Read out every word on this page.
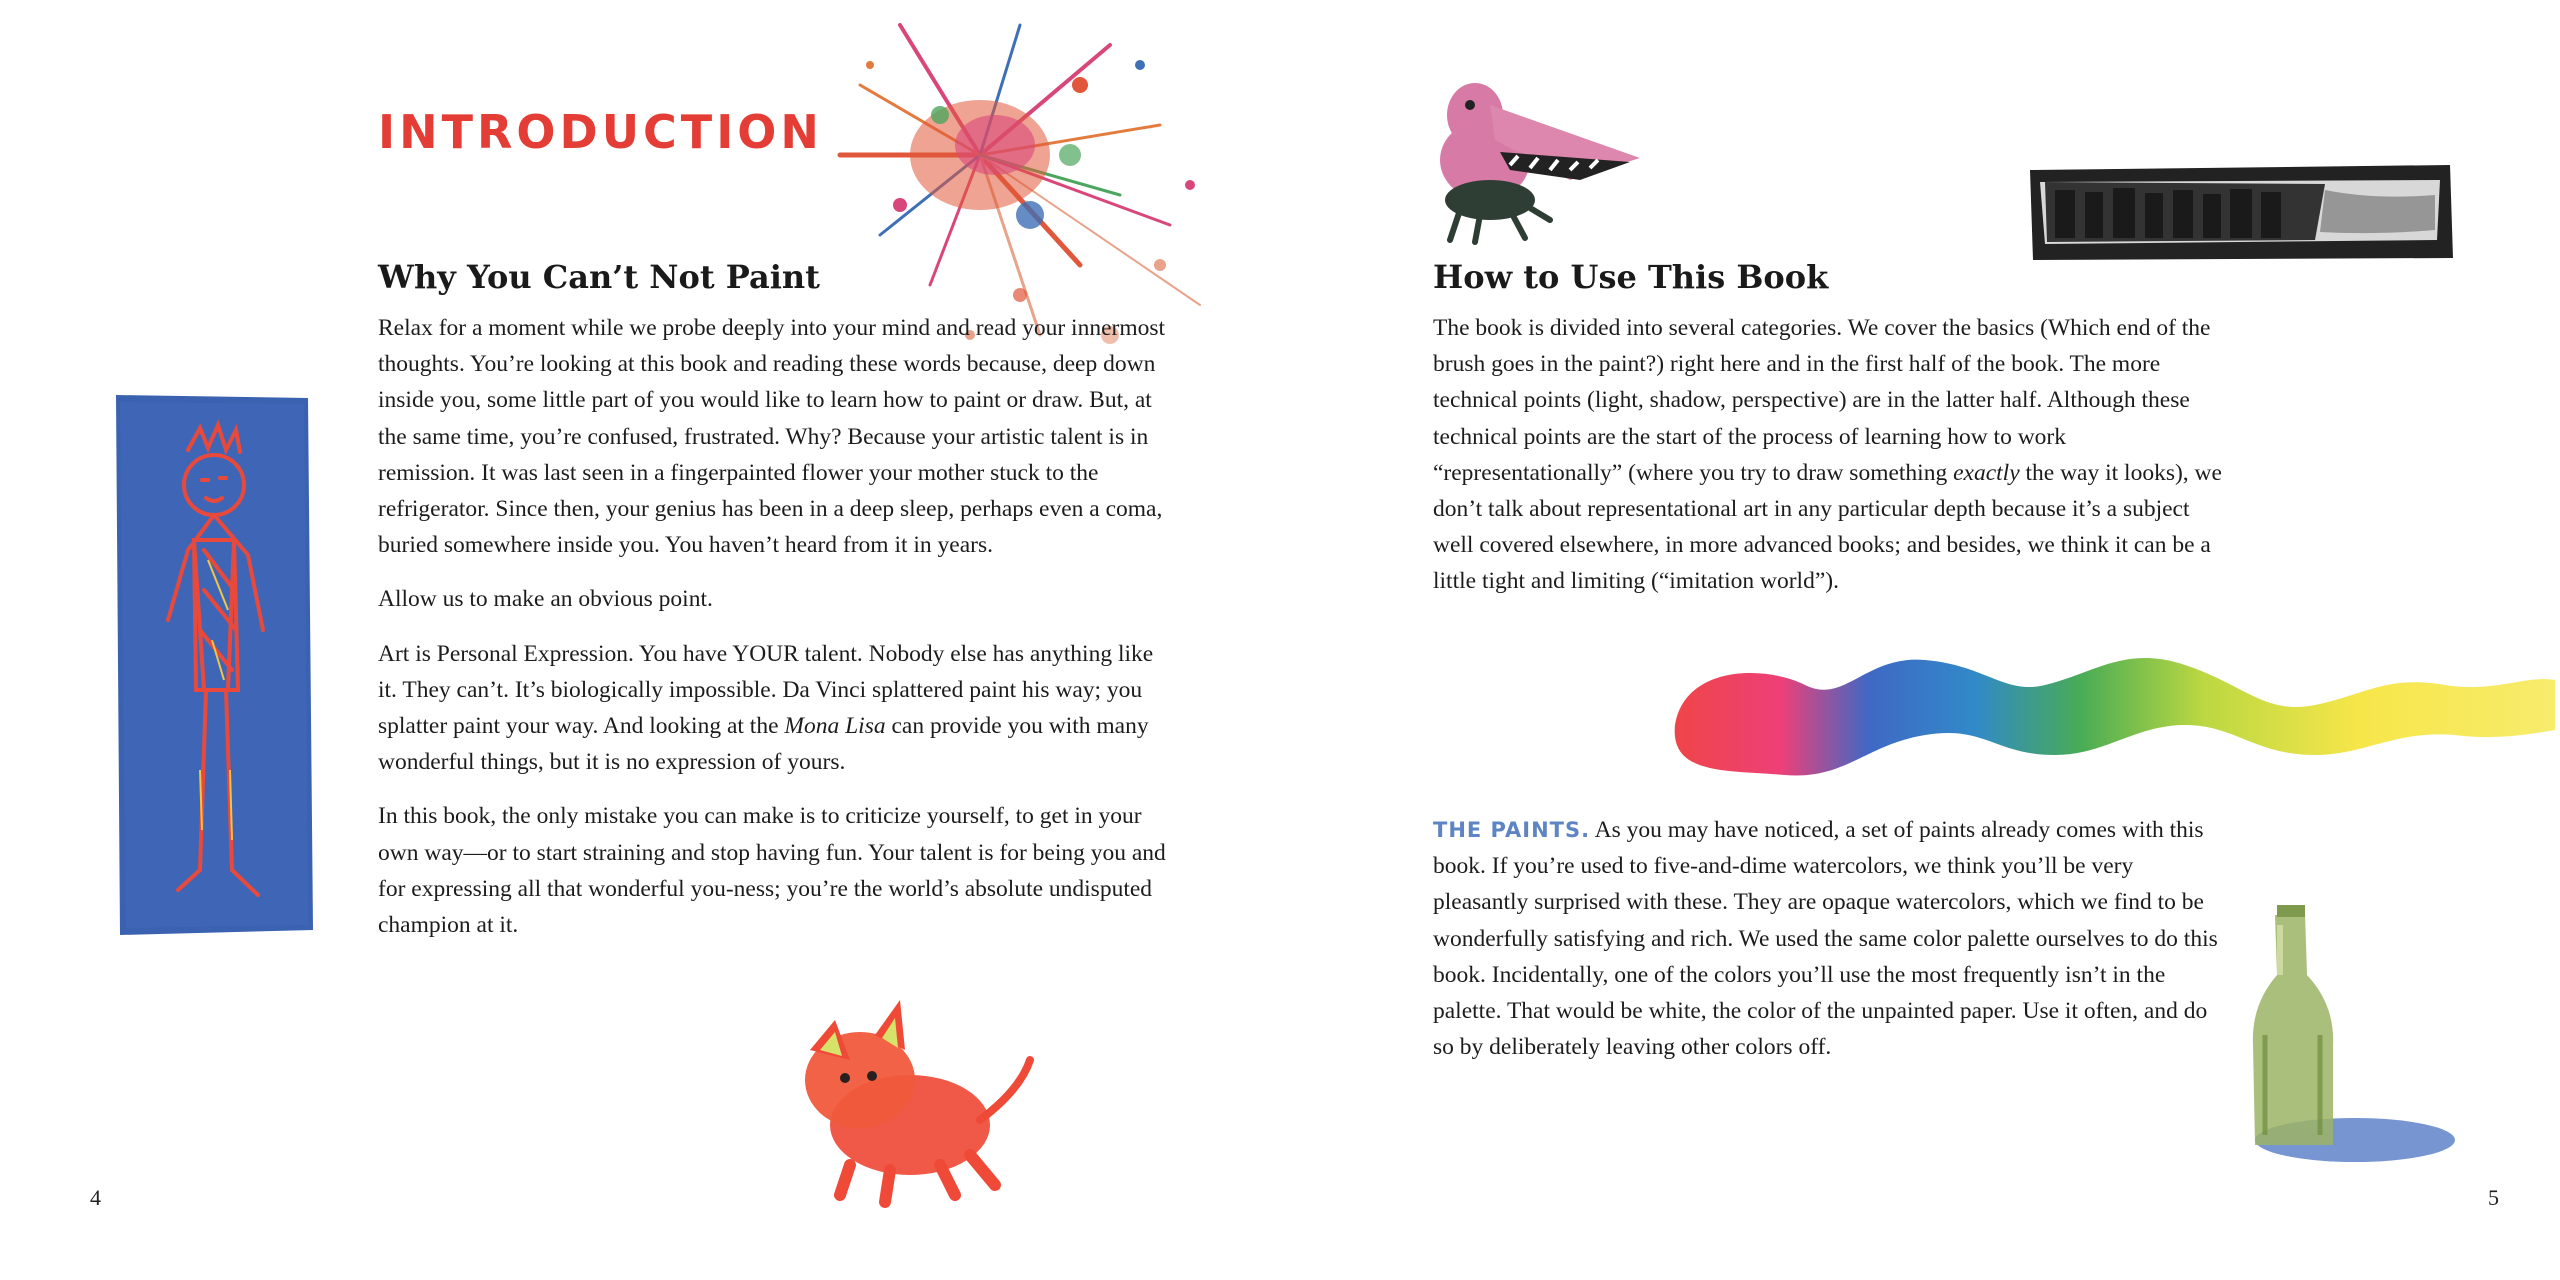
INTRODUCTION
Why You Can’t Not Paint

Relax for a moment while we probe deeply into your mind and read your innermost thoughts. You’re looking at this book and reading these words because, deep down inside you, some little part of you would like to learn how to paint or draw. But, at the same time, you’re confused, frustrated. Why? Because your artistic talent is in remission. It was last seen in a fingerpainted flower your mother stuck to the refrigerator. Since then, your genius has been in a deep sleep, perhaps even a coma, buried somewhere inside you. You haven’t heard from it in years.

Allow us to make an obvious point.

Art is Personal Expression. You have YOUR talent. Nobody else has anything like it. They can’t. It’s biologically impossible. Da Vinci splattered paint his way; you splatter paint your way. And looking at the Mona Lisa can provide you with many wonderful things, but it is no expression of yours.

In this book, the only mistake you can make is to criticize yourself, to get in your own way—or to start straining and stop having fun. Your talent is for being you and for expressing all that wonderful you-ness; you’re the world’s absolute undisputed champion at it.

4
How to Use This Book

The book is divided into several categories. We cover the basics (Which end of the brush goes in the paint?) right here and in the first half of the book. The more technical points (light, shadow, perspective) are in the latter half. Although these technical points are the start of the process of learning how to work “representationally” (where you try to draw something exactly the way it looks), we don’t talk about representational art in any particular depth because it’s a subject well covered elsewhere, in more advanced books; and besides, we think it can be a little tight and limiting (“imitation world”).

THE PAINTS. As you may have noticed, a set of paints already comes with this book. If you’re used to five-and-dime watercolors, we think you’ll be very pleasantly surprised with these. They are opaque watercolors, which we find to be wonderfully satisfying and rich. We used the same color palette ourselves to do this book. Incidentally, one of the colors you’ll use the most frequently isn’t in the palette. That would be white, the color of the unpainted paper. Use it often, and do so by deliberately leaving other colors off.

5
